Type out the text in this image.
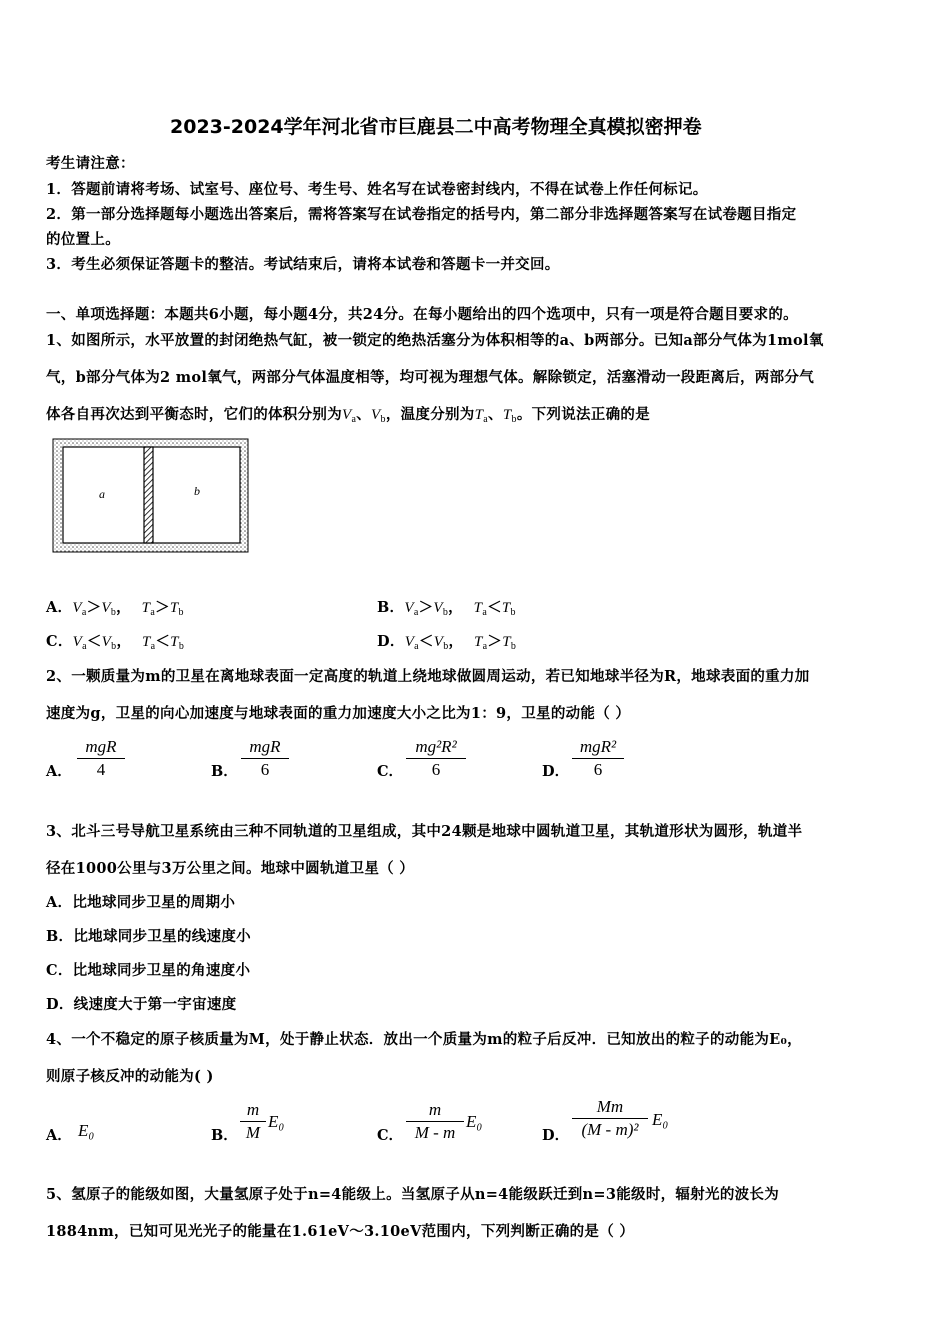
2023-2024学年河北省市巨鹿县二中高考物理全真模拟密押卷
考生请注意：
1．答题前请将考场、试室号、座位号、考生号、姓名写在试卷密封线内，不得在试卷上作任何标记。
2．第一部分选择题每小题选出答案后，需将答案写在试卷指定的括号内，第二部分非选择题答案写在试卷题目指定
的位置上。
3．考生必须保证答题卡的整洁。考试结束后，请将本试卷和答题卡一并交回。
一、单项选择题：本题共6小题，每小题4分，共24分。在每小题给出的四个选项中，只有一项是符合题目要求的。
1、如图所示，水平放置的封闭绝热气缸，被一锁定的绝热活塞分为体积相等的a、b两部分。已知a部分气体为1mol氧
气，b部分气体为2 mol氧气，两部分气体温度相等，均可视为理想气体。解除锁定，活塞滑动一段距离后，两部分气
体各自再次达到平衡态时，它们的体积分别为$V_a$、$V_b$，温度分别为$T_a$、$T_b$。下列说法正确的是
a	b
A．$V_a>V_b$，  $T_a>T_b$	B．$V_a>V_b$，  $T_a<T_b$
C．$V_a<V_b$，  $T_a<T_b$	D．$V_a<V_b$，  $T_a>T_b$
2、一颗质量为m的卫星在离地球表面一定高度的轨道上绕地球做圆周运动，若已知地球半径为R，地球表面的重力加
速度为g，卫星的向心加速度与地球表面的重力加速度大小之比为1：9，卫星的动能（ ）
A．
mgR
4	B．
mgR
6	C．
mg²R²
6	D．
mgR²
6
3、北斗三号导航卫星系统由三种不同轨道的卫星组成，其中24颗是地球中圆轨道卫星，其轨道形状为圆形，轨道半
径在1000公里与3万公里之间。地球中圆轨道卫星（ ）
A．比地球同步卫星的周期小
B．比地球同步卫星的线速度小
C．比地球同步卫星的角速度小
D．线速度大于第一宇宙速度
4、一个不稳定的原子核质量为M，处于静止状态．放出一个质量为m的粒子后反冲．已知放出的粒子的动能为E₀，
则原子核反冲的动能为( )
A． E₀	B．
m
M
E₀
C．
m
M - m
E₀
D．
Mm
(M - m)²
E₀
5、氢原子的能级如图，大量氢原子处于n=4能级上。当氢原子从n=4能级跃迁到n=3能级时，辐射光的波长为
1884nm，已知可见光光子的能量在1.61eV～3.10eV范围内，下列判断正确的是（ ）
